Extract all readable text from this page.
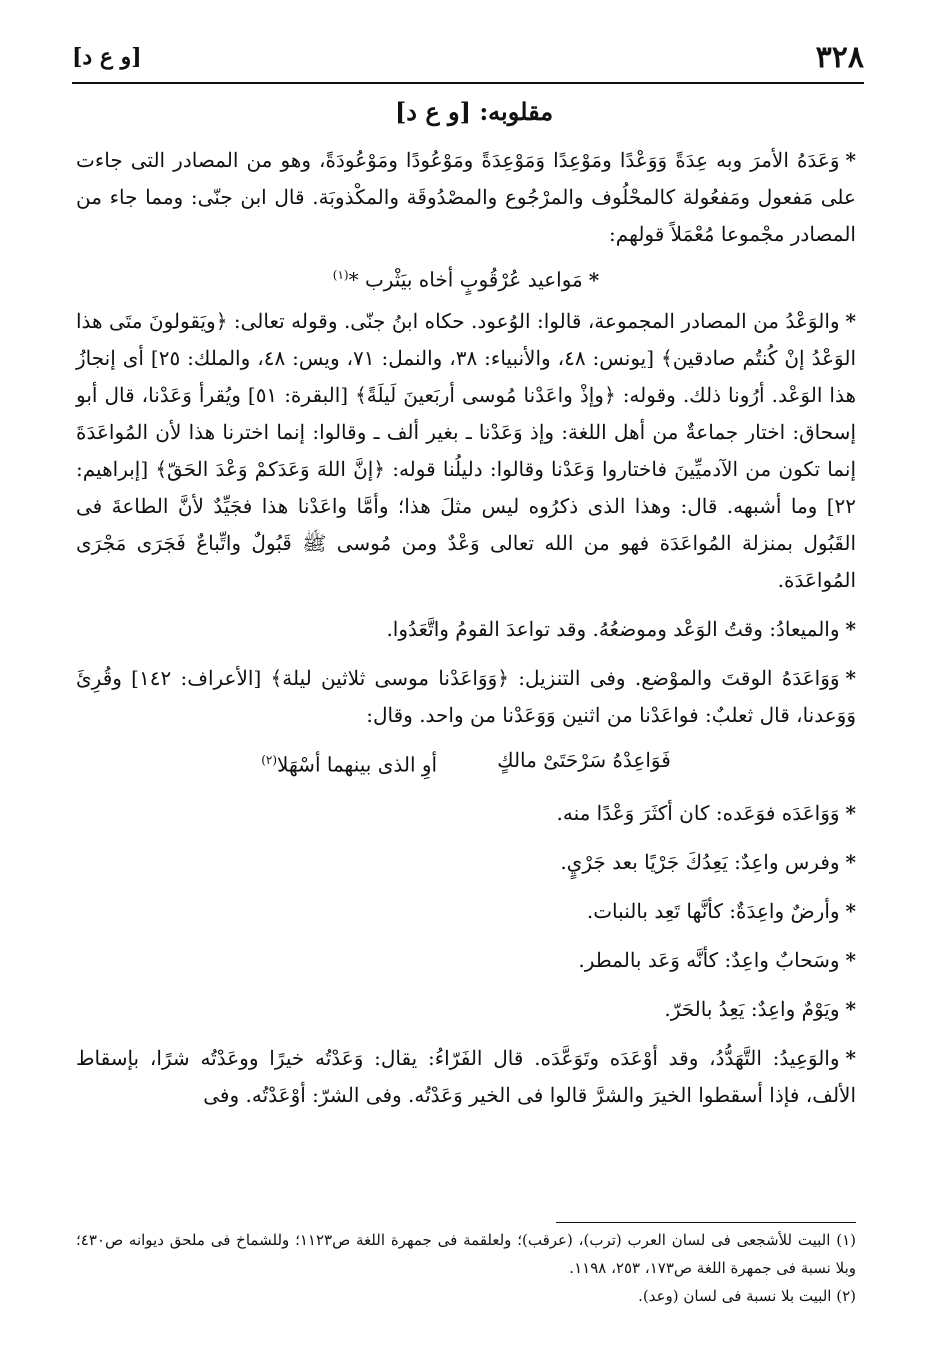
٣٢٨
[و ع د]
مقلوبه: [و ع د]

*وَعَدَهُ الأمرَ وبه عِدَةً وَوَعْدًا ومَوْعِدًا وَمَوْعِدَةً ومَوْعُودًا ومَوْعُودَةً، وهو من المصادر التى جاءت على مَفعول ومَفعُولة كالمحْلُوف والمرْجُوع والمصْدُوقَة والمكْذوبَة. قال ابن جنّى: ومما جاء من المصادر مجْموعا مُعْمَلاً قولهم:

*مَواعيد عُرْقُوبٍ أخاه بيَثْرب *$^{(١)}$

*والوَعْدُ من المصادر المجموعة، قالوا: الوُعود. حكاه ابنُ جنّى. وقوله تعالى: ﴿ويَقولونَ متَى هذا الوَعْدُ إنْ كُنتُم صادقين﴾ [يونس: ٤٨، والأنبياء: ٣٨، والنمل: ٧١، ويس: ٤٨، والملك: ٢٥] أى إنجازُ هذا الوَعْد. أرُونا ذلك. وقوله: ﴿وإذْ واعَدْنا مُوسى أربَعينَ لَيلَةً﴾ [البقرة: ٥١] ويُقرأ وَعَدْنا، قال أبو إسحاق: اختار جماعةٌ من أهل اللغة: وإذ وَعَدْنا ـ بغير ألف ـ وقالوا: إنما اخترنا هذا لأن المُواعَدَةَ إنما تكون من الآدميِّينَ فاختاروا وَعَدْنا وقالوا: دليلُنا قوله: ﴿إنَّ اللهَ وَعَدَكمْ وَعْدَ الحَقّ﴾ [إبراهيم: ٢٢] وما أشبهه. قال: وهذا الذى ذكرُوه ليس مثلَ هذا؛ وأمَّا واعَدْنا هذا فجَيِّدٌ لأنَّ الطاعةَ فى القَبُول بمنزلة المُواعَدَة فهو من الله تعالى وَعْدٌ ومن مُوسى ﷺ قَبُولٌ واتِّباعٌ فَجَرَى مَجْرَى المُواعَدَة.

*والميعادُ: وقتُ الوَعْد وموضعُهُ. وقد تواعدَ القومُ واتَّعَدُوا.

*وَوَاعَدَهُ الوقتَ والموْضع. وفى التنزيل: ﴿وَوَاعَدْنا موسى ثلاثين ليلة﴾ [الأعراف: ١٤٢] وقُرِئَ وَوَعدنا، قال ثعلبٌ: فواعَدْنا من اثنين وَوَعَدْنا من واحد. وقال:

فَوَاعِدْهُ سَرْحَتَىْ مالكٍ
أوِ الذى بينهما أسْهَلا$^{(٢)}$

*وَوَاعَدَه فوَعَده: كان أكثَرَ وَعْدًا منه.

*وفرس واعِدٌ: يَعِدُكَ جَرْيًا بعد جَرْيٍ.

*وأرضٌ واعِدَةٌ: كأنَّها تَعِد بالنبات.

*وسَحابٌ واعِدٌ: كأنَّه وَعَد بالمطر.

*ويَوْمٌ واعِدٌ: يَعِدُ بالحَرّ.

*والوَعِيدُ: التَّهَدُّدُ، وقد أوْعَدَه وتَوَعَّدَه. قال الفَرّاءُ: يقال: وَعَدْتُه خيرًا ووعَدْتُه شرًا، بإسقاط الألف، فإذا أسقطوا الخيرَ والشرَّ قالوا فى الخير وَعَدْتُه. وفى الشرّ: أوْعَدْتُه. وفى

(١) البيت للأشجعى فى لسان العرب (ترب)، (عرقب)؛ ولعلقمة فى جمهرة اللغة ص١١٢٣؛ وللشماخ فى ملحق ديوانه ص٤٣٠؛ وبلا نسبة فى جمهرة اللغة ص١٧٣، ٢٥٣، ١١٩٨.

(٢) البيت بلا نسبة فى لسان (وعد).
